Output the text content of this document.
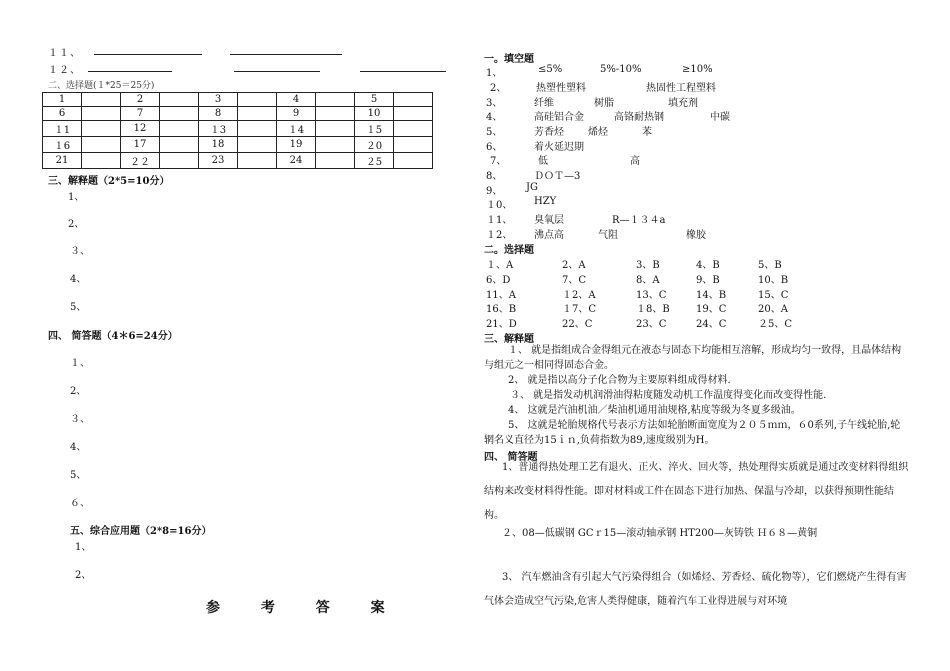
１１、
１２、
二、选择题(１*25＝25分)
1		2		3		4		5	
6		7		8		9		10	
１1		12		１3		１4		１5	
１6		17		18		19		２0	
21		２２		23		24		２5	
三、解释题（2*5=10分）
1、
2、
３、
4、
5、
四、 简答题（4＊6=24分）
１、
2、
３、
4、
5、
６、
五、综合应用题（2*8=16分）
1、
2、
参 考 答 案
一。填空题
1、	≤5%	5%-10%	≥10%
2、	热塑性塑料	热固性工程塑料
3、	纤维	树脂	填充剂
4、	高硅铝合金	高铬耐热钢	中碳
5、	芳香烃 烯烃	苯
6、	着火延迟期
7、	低	高
8、	ＤＯＴ—3
9、 JG
１0、 HZY
１1、 臭氧层	R—１３４a
１2、 沸点高	气阻	橡胶
二。选择题
１、A	2、A	3、B	4、B	5、B
6、D	7、C	8、A	9、B	10、B
11、A	１2、A	13、C	14、B	15、C
16、B	１7、C	１8、B	19、C	20、A
21、D	22、C	23、C	24、C	２5、C
三、解释题
１、 就是指组成合金得组元在液态与固态下均能相互溶解，形成均匀一致得，且晶体结构与组元之一相同得固态合金。
2、 就是指以高分子化合物为主要原料组成得材料.
３、 就是指发动机润滑油得粘度随发动机工作温度得变化而改变得性能.
4、 这就是汽油机油／柴油机通用油规格,粘度等级为冬夏多级油。
5、 这就是轮胎规格代号表示方法如轮胎断面宽度为２０５ｍｍ，６0系列,子午线轮胎,轮辋名义直径为15ｉｎ,负荷指数为89,速度级别为H。
四、 简答题
1、普通得热处理工艺有退火、正火、淬火、回火等，热处理得实质就是通过改变材料得组织结构来改变材料得性能。即对材料或工件在固态下进行加热、保温与冷却，以获得预期性能结构。
２、08—低碳钢 GCｒ15—滚动轴承钢 HT200—灰铸铁 Ｈ６８—黄铜
3、 汽车燃油含有引起大气污染得组合（如烯烃、芳香烃、硫化物等），它们燃烧产生得有害气体会造成空气污染,危害人类得健康，随着汽车工业得进展与对环境
